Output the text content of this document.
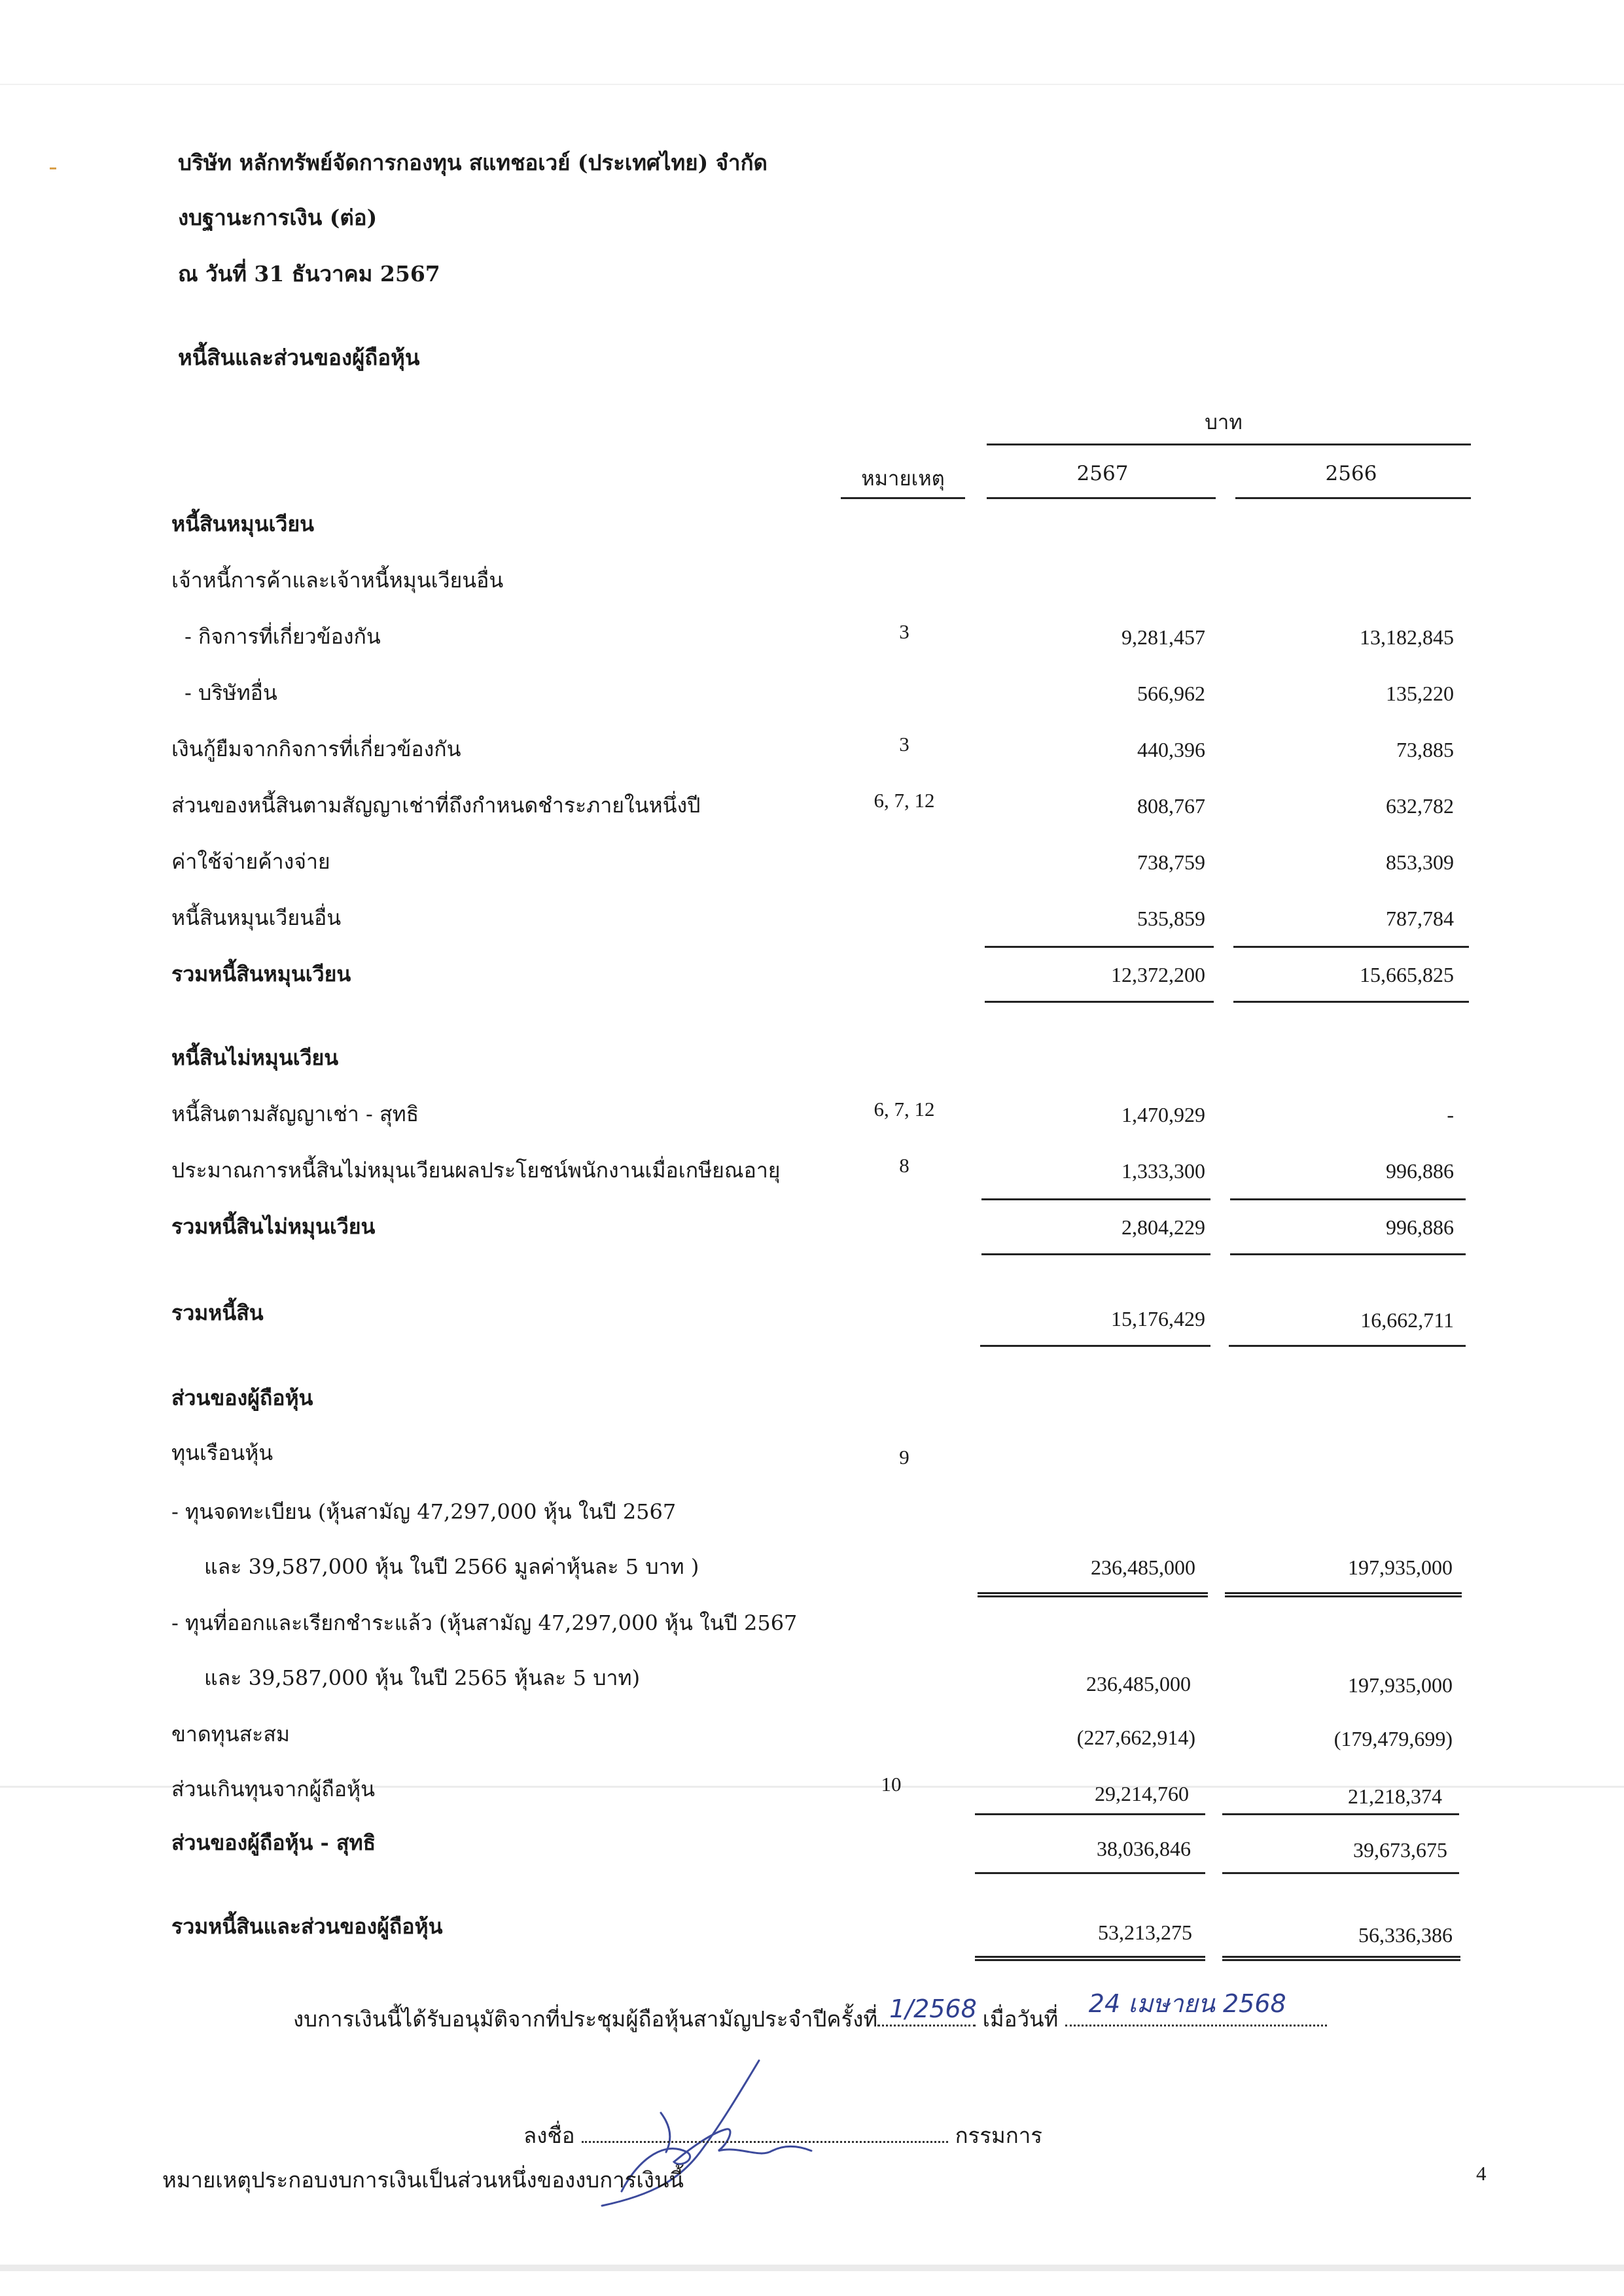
บริษัท หลักทรัพย์จัดการกองทุน สแทชอเวย์ (ประเทศไทย) จำกัด
งบฐานะการเงิน (ต่อ)
ณ วันที่ 31 ธันวาคม 2567
หนี้สินและส่วนของผู้ถือหุ้น
บาท
หมายเหตุ	2567	2566
หนี้สินหมุนเวียน
เจ้าหนี้การค้าและเจ้าหนี้หมุนเวียนอื่น
- กิจการที่เกี่ยวข้องกัน	3	9,281,457	13,182,845
- บริษัทอื่น	566,962	135,220
เงินกู้ยืมจากกิจการที่เกี่ยวข้องกัน	3	440,396	73,885
ส่วนของหนี้สินตามสัญญาเช่าที่ถึงกำหนดชำระภายในหนึ่งปี	6, 7, 12	808,767	632,782
ค่าใช้จ่ายค้างจ่าย	738,759	853,309
หนี้สินหมุนเวียนอื่น	535,859	787,784
รวมหนี้สินหมุนเวียน	12,372,200	15,665,825
หนี้สินไม่หมุนเวียน
หนี้สินตามสัญญาเช่า - สุทธิ	6, 7, 12	1,470,929	-
ประมาณการหนี้สินไม่หมุนเวียนผลประโยชน์พนักงานเมื่อเกษียณอายุ	8	1,333,300	996,886
รวมหนี้สินไม่หมุนเวียน	2,804,229	996,886
รวมหนี้สิน	15,176,429	16,662,711
ส่วนของผู้ถือหุ้น
ทุนเรือนหุ้น	9
- ทุนจดทะเบียน (หุ้นสามัญ 47,297,000 หุ้น ในปี 2567
และ 39,587,000 หุ้น ในปี 2566 มูลค่าหุ้นละ 5 บาท )	236,485,000	197,935,000
- ทุนที่ออกและเรียกชำระแล้ว (หุ้นสามัญ 47,297,000 หุ้น ในปี 2567
และ 39,587,000 หุ้น ในปี 2565 หุ้นละ 5 บาท)	236,485,000	197,935,000
ขาดทุนสะสม	(227,662,914)	(179,479,699)
ส่วนเกินทุนจากผู้ถือหุ้น	10	29,214,760	21,218,374
ส่วนของผู้ถือหุ้น - สุทธิ	38,036,846	39,673,675
รวมหนี้สินและส่วนของผู้ถือหุ้น	53,213,275	56,336,386
งบการเงินนี้ได้รับอนุมัติจากที่ประชุมผู้ถือหุ้นสามัญประจำปีครั้งที่ 1/2568 เมื่อวันที่
24 เมษายน 2568
ลงชื่อ	กรรมการ
หมายเหตุประกอบงบการเงินเป็นส่วนหนึ่งของงบการเงินนี้	4
